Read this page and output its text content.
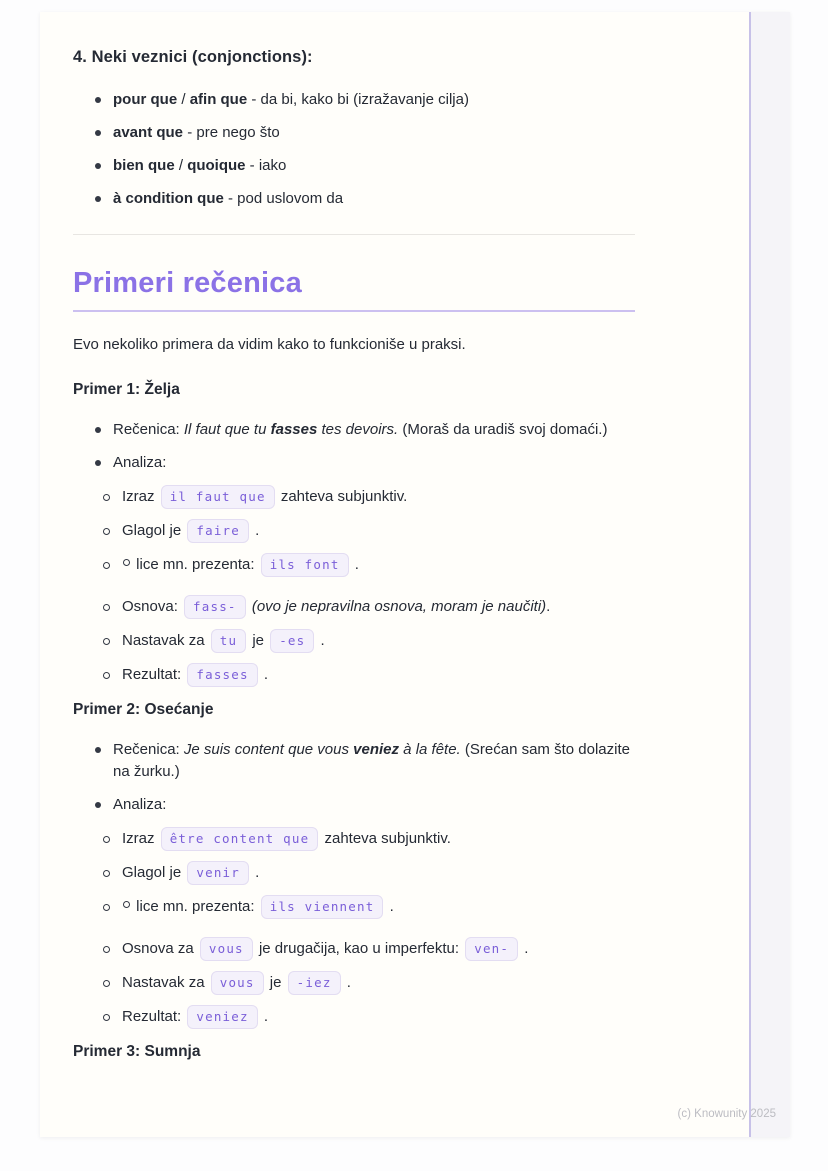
4. Neki veznici (conjonctions):
pour que / afin que - da bi, kako bi (izražavanje cilja)
avant que - pre nego što
bien que / quoique - iako
à condition que - pod uslovom da
Primeri rečenica

Evo nekoliko primera da vidim kako to funkcioniše u praksi.

Primer 1: Želja
Rečenica: Il faut que tu fasses tes devoirs. (Moraš da uradiš svoj domaći.)
Analiza:
Izraz il faut que zahteva subjunktiv.
Glagol je faire .
lice mn. prezenta: ils font .
Osnova: fass- (ovo je nepravilna osnova, moram je naučiti).
Nastavak za tu je -es .
Rezultat: fasses .
Primer 2: Osećanje
Rečenica: Je suis content que vous veniez à la fête. (Srećan sam što dolazite na žurku.)
Analiza:
Izraz être content que zahteva subjunktiv.
Glagol je venir .
lice mn. prezenta: ils viennent .
Osnova za vous je drugačija, kao u imperfektu: ven- .
Nastavak za vous je -iez .
Rezultat: veniez .
Primer 3: Sumnja
(c) Knowunity 2025
